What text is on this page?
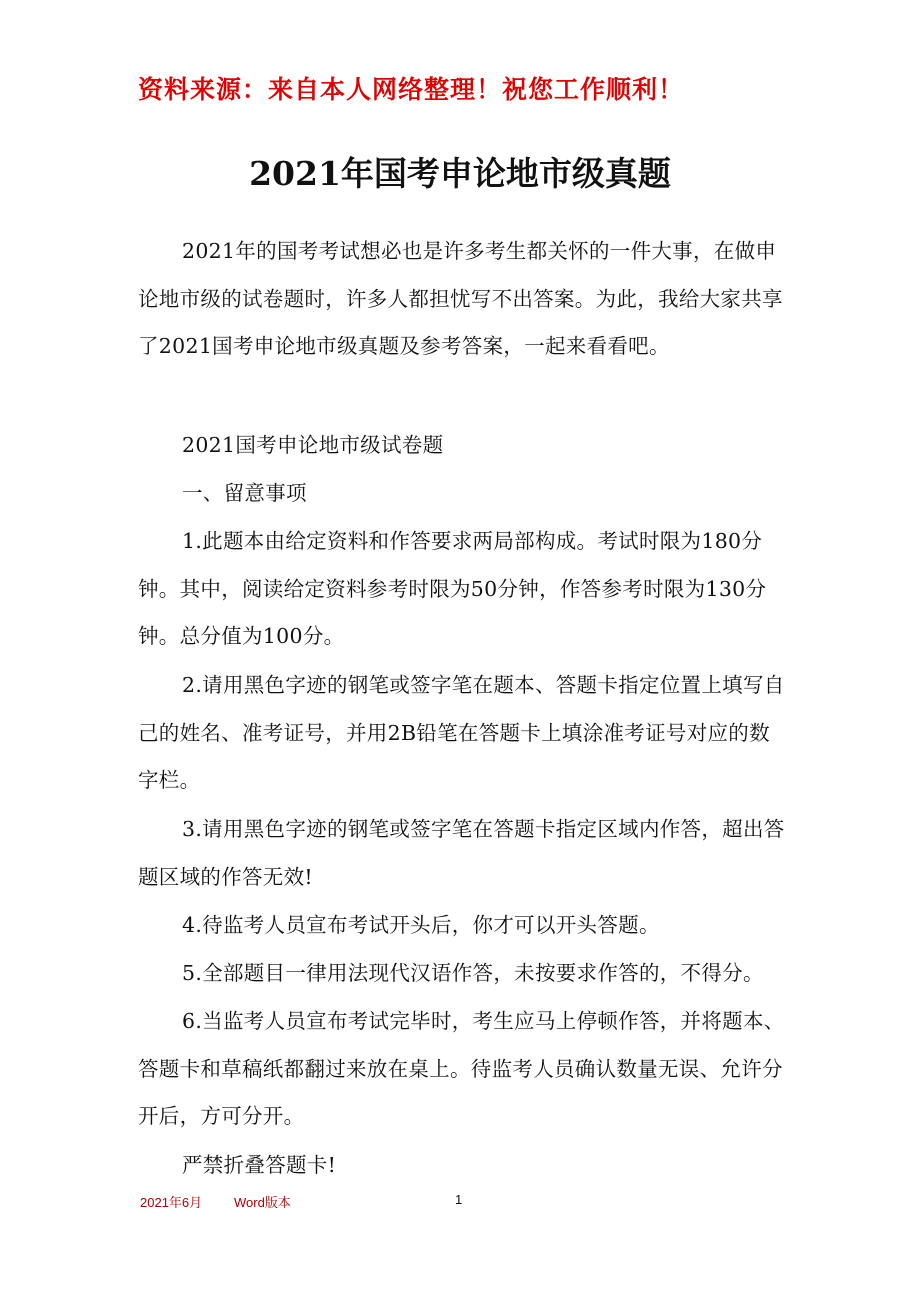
资料来源：来自本人网络整理！祝您工作顺利！
2021年国考申论地市级真题

2021年的国考考试想必也是许多考生都关怀的一件大事，在做申论地市级的试卷题时，许多人都担忧写不出答案。为此，我给大家共享了2021国考申论地市级真题及参考答案，一起来看看吧。

2021国考申论地市级试卷题

一、留意事项

1.此题本由给定资料和作答要求两局部构成。考试时限为180分钟。其中，阅读给定资料参考时限为50分钟，作答参考时限为130分钟。总分值为100分。

2.请用黑色字迹的钢笔或签字笔在题本、答题卡指定位置上填写自己的姓名、准考证号，并用2B铅笔在答题卡上填涂准考证号对应的数字栏。

3.请用黑色字迹的钢笔或签字笔在答题卡指定区域内作答，超出答题区域的作答无效!

4.待监考人员宣布考试开头后，你才可以开头答题。

5.全部题目一律用法现代汉语作答，未按要求作答的，不得分。

6.当监考人员宣布考试完毕时，考生应马上停顿作答，并将题本、答题卡和草稿纸都翻过来放在桌上。待监考人员确认数量无误、允许分开后，方可分开。

严禁折叠答题卡!

2021年6月 Word版本	1
